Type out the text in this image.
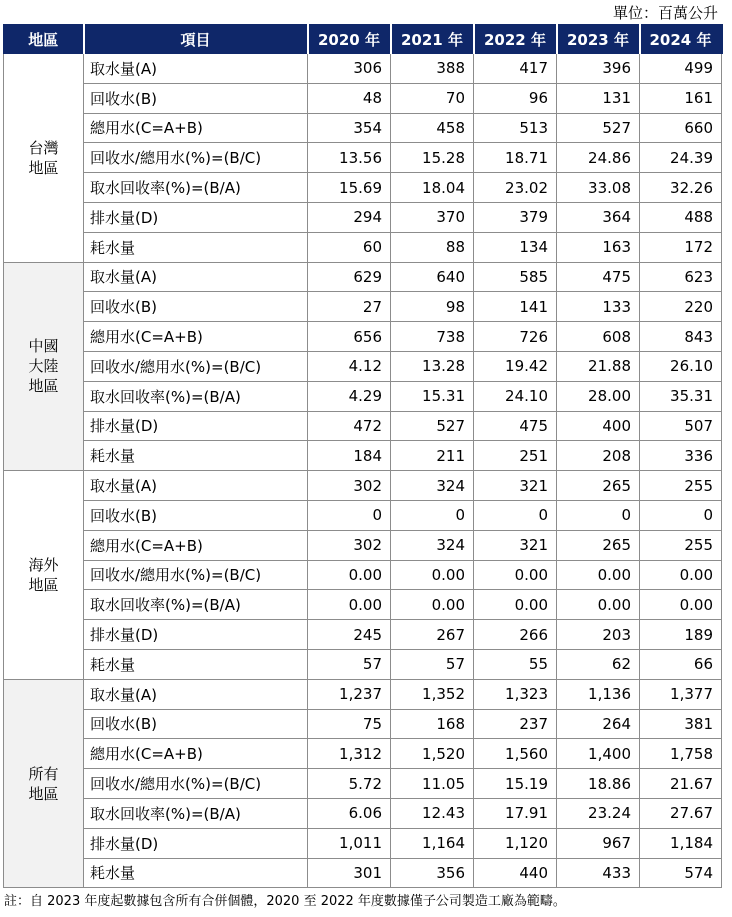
單位：百萬公升
地區	項目	2020 年	2021 年	2022 年	2023 年	2024 年
台灣地區	取水量(A)	306	388	417	396	499
	回收水(B)	48	70	96	131	161
	總用水(C=A+B)	354	458	513	527	660
	回收水/總用水(%)=(B/C)	13.56	15.28	18.71	24.86	24.39
	取水回收率(%)=(B/A)	15.69	18.04	23.02	33.08	32.26
	排水量(D)	294	370	379	364	488
	耗水量	60	88	134	163	172
中國大陸地區	取水量(A)	629	640	585	475	623
	回收水(B)	27	98	141	133	220
	總用水(C=A+B)	656	738	726	608	843
	回收水/總用水(%)=(B/C)	4.12	13.28	19.42	21.88	26.10
	取水回收率(%)=(B/A)	4.29	15.31	24.10	28.00	35.31
	排水量(D)	472	527	475	400	507
	耗水量	184	211	251	208	336
海外地區	取水量(A)	302	324	321	265	255
	回收水(B)	0	0	0	0	0
	總用水(C=A+B)	302	324	321	265	255
	回收水/總用水(%)=(B/C)	0.00	0.00	0.00	0.00	0.00
	取水回收率(%)=(B/A)	0.00	0.00	0.00	0.00	0.00
	排水量(D)	245	267	266	203	189
	耗水量	57	57	55	62	66
所有地區	取水量(A)	1,237	1,352	1,323	1,136	1,377
	回收水(B)	75	168	237	264	381
	總用水(C=A+B)	1,312	1,520	1,560	1,400	1,758
	回收水/總用水(%)=(B/C)	5.72	11.05	15.19	18.86	21.67
	取水回收率(%)=(B/A)	6.06	12.43	17.91	23.24	27.67
	排水量(D)	1,011	1,164	1,120	967	1,184
	耗水量	301	356	440	433	574
註：自 2023 年度起數據包含所有合併個體，2020 至 2022 年度數據僅子公司製造工廠為範疇。
